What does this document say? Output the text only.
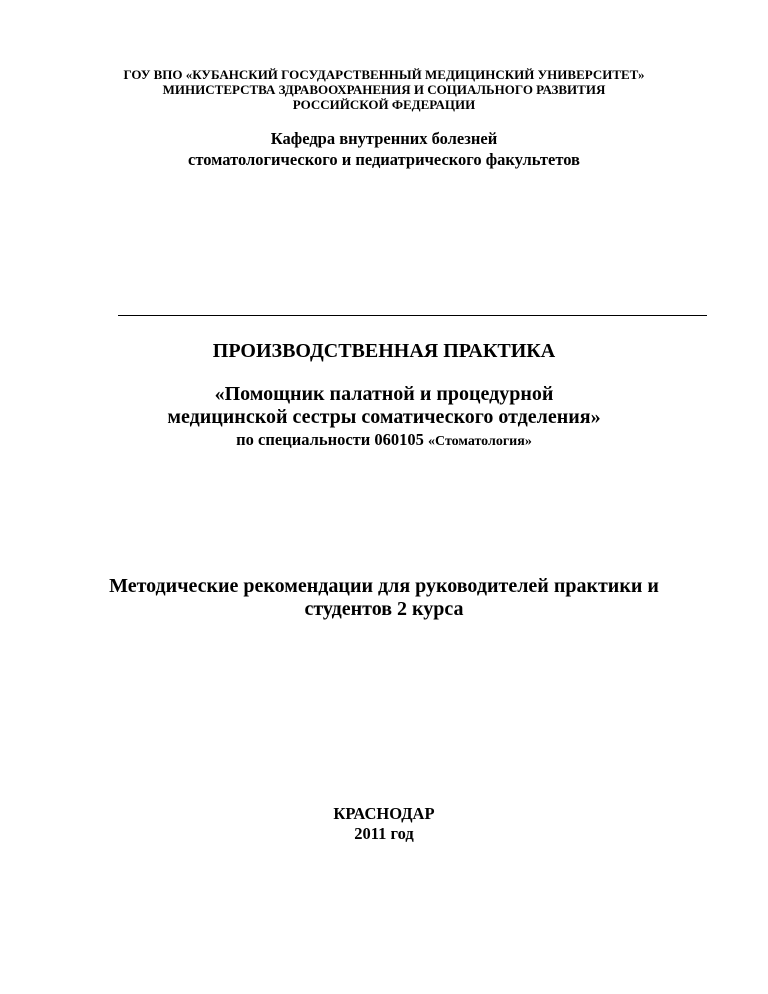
ГОУ ВПО «КУБАНСКИЙ ГОСУДАРСТВЕННЫЙ МЕДИЦИНСКИЙ УНИВЕРСИТЕТ»
МИНИСТЕРСТВА ЗДРАВООХРАНЕНИЯ И СОЦИАЛЬНОГО РАЗВИТИЯ
РОССИЙСКОЙ ФЕДЕРАЦИИ
Кафедра внутренних болезней
стоматологического и педиатрического факультетов
ПРОИЗВОДСТВЕННАЯ ПРАКТИКА
«Помощник палатной и процедурной
медицинской сестры соматического отделения»
по специальности 060105 «Стоматология»
Методические рекомендации для руководителей практики и
студентов 2 курса
КРАСНОДАР
2011 год
